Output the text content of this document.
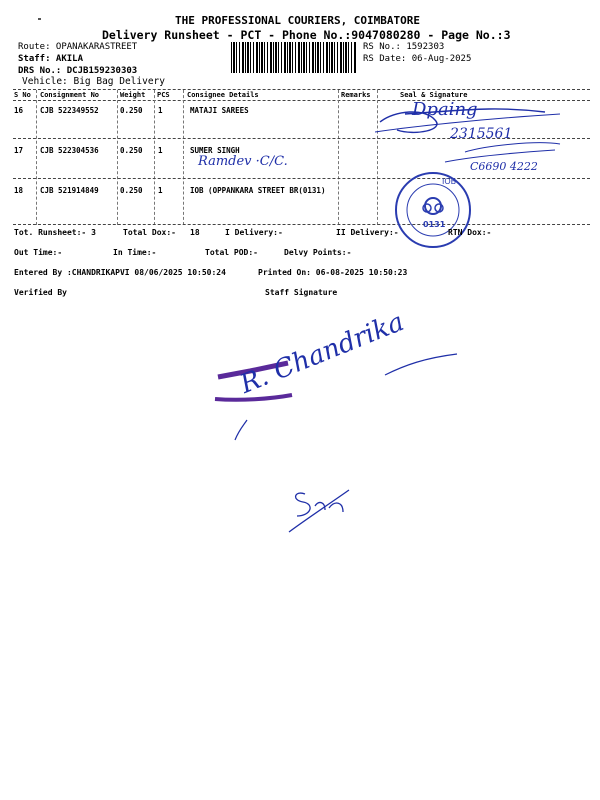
THE PROFESSIONAL COURIERS, COIMBATORE
Delivery Runsheet - PCT - Phone No.:9047080280 - Page No.:3
Route: OPANAKARASTREET
Staff: AKILA
DRS No.: DCJB159230303
Vehicle: Big Bag Delivery
RS No.: 1592303
RS Date: 06-Aug-2025
S No Consignment No	Weight PCS Consignee Details	Remarks	Seal & Signature
16 CJB 522349552	0.250 1	MATAJI SAREES
17 CJB 522304536	0.250 1	SUMER SINGH
Ramdev ·C/C.
18 CJB 521914849	0.250 1	IOB (OPPANKARA STREET BR(0131)
Dpaing
2315561
C6690 4222
IOB
0131
Tot. Runsheet:- 3	Total Dox:- 18	I Delivery:-	II Delivery:-	RTN Dox:-
Out Time:-	In Time:-	Total POD:-	Delvy Points:-
Entered By :CHANDRIKAPVI 08/06/2025 10:50:24	Printed On: 06-08-2025 10:50:23
Verified By	Staff Signature
R. Chandrika
